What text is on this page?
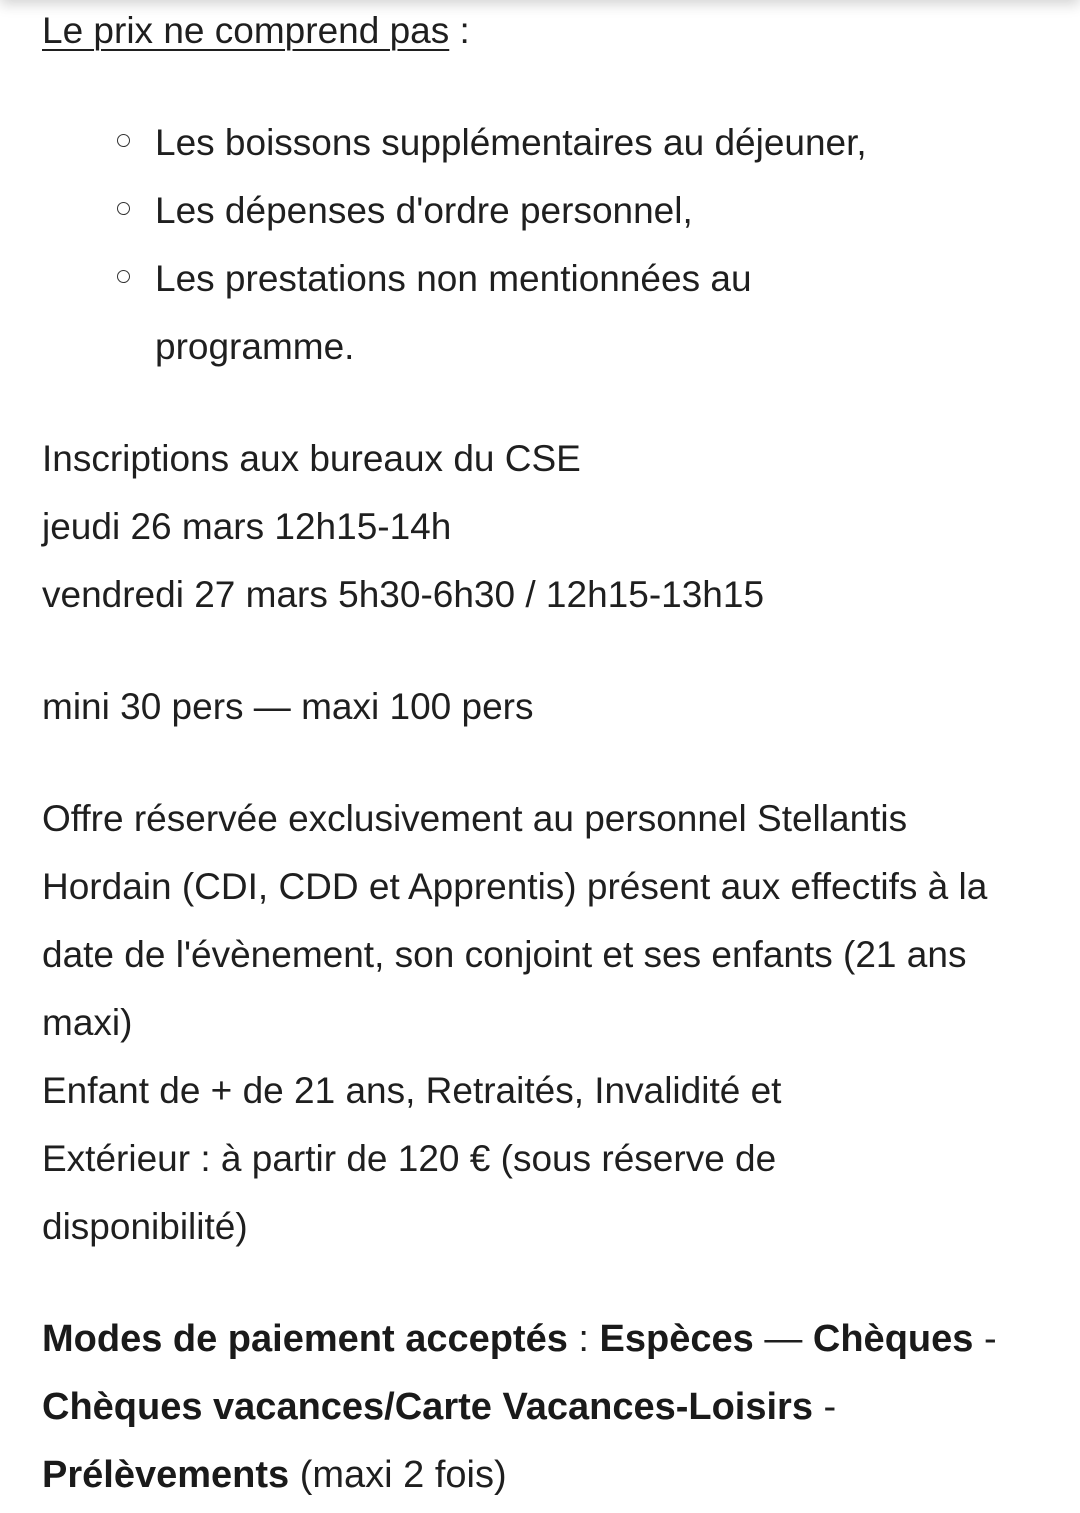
Le prix ne comprend pas :

Les boissons supplémentaires au déjeuner,
Les dépenses d'ordre personnel,
Les prestations non mentionnées au programme.

Inscriptions aux bureaux du CSE

jeudi 26 mars 12h15-14h

vendredi 27 mars 5h30-6h30 / 12h15-13h15

mini 30 pers — maxi 100 pers

Offre réservée exclusivement au personnel Stellantis Hordain (CDI, CDD et Apprentis) présent aux effectifs à la date de l'évènement, son conjoint et ses enfants (21 ans maxi)

Enfant de + de 21 ans, Retraités, Invalidité et Extérieur : à partir de 120 € (sous réserve de disponibilité)

Modes de paiement acceptés : Espèces — Chèques - Chèques vacances/Carte Vacances-Loisirs - Prélèvements (maxi 2 fois)
